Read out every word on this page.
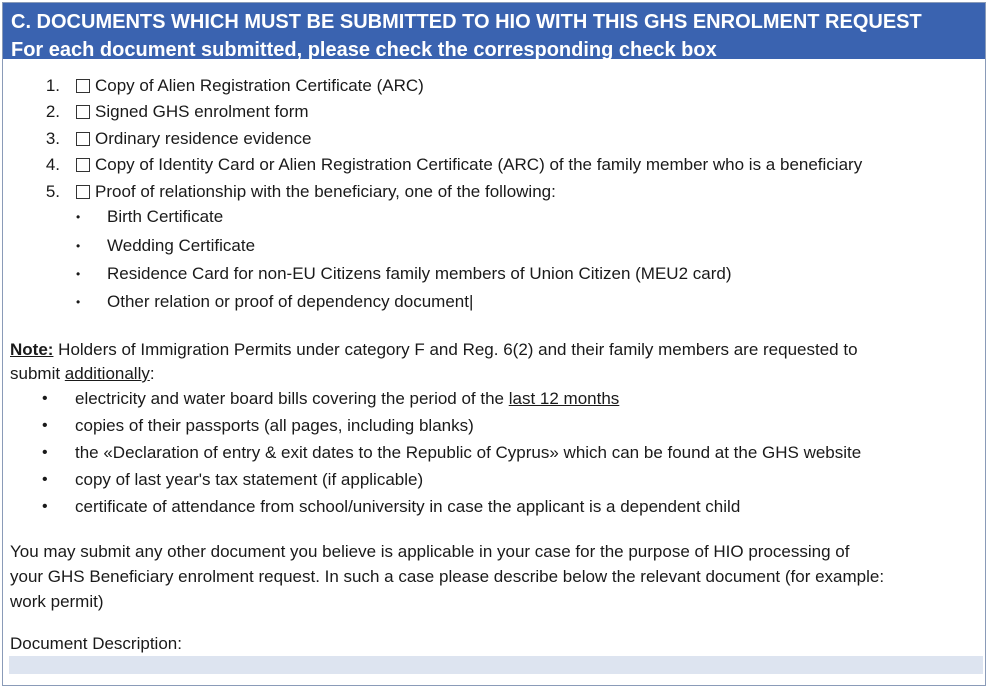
C. DOCUMENTS WHICH MUST BE SUBMITTED TO HIO WITH THIS GHS ENROLMENT REQUEST
For each document submitted, please check the corresponding check box
1. Copy of Alien Registration Certificate (ARC)
2. Signed GHS enrolment form
3. Ordinary residence evidence
4. Copy of Identity Card or Alien Registration Certificate (ARC) of the family member who is a beneficiary
5. Proof of relationship with the beneficiary, one of the following:
• Birth Certificate
• Wedding Certificate
• Residence Card for non-EU Citizens family members of Union Citizen (MEU2 card)
• Other relation or proof of dependency document|
Note: Holders of Immigration Permits under category F and Reg. 6(2) and their family members are requested to
submit additionally:
• electricity and water board bills covering the period of the last 12 months
• copies of their passports (all pages, including blanks)
• the «Declaration of entry & exit dates to the Republic of Cyprus» which can be found at the GHS website
• copy of last year's tax statement (if applicable)
• certificate of attendance from school/university in case the applicant is a dependent child
You may submit any other document you believe is applicable in your case for the purpose of HIO processing of
your GHS Beneficiary enrolment request. In such a case please describe below the relevant document (for example:
work permit)
Document Description:
